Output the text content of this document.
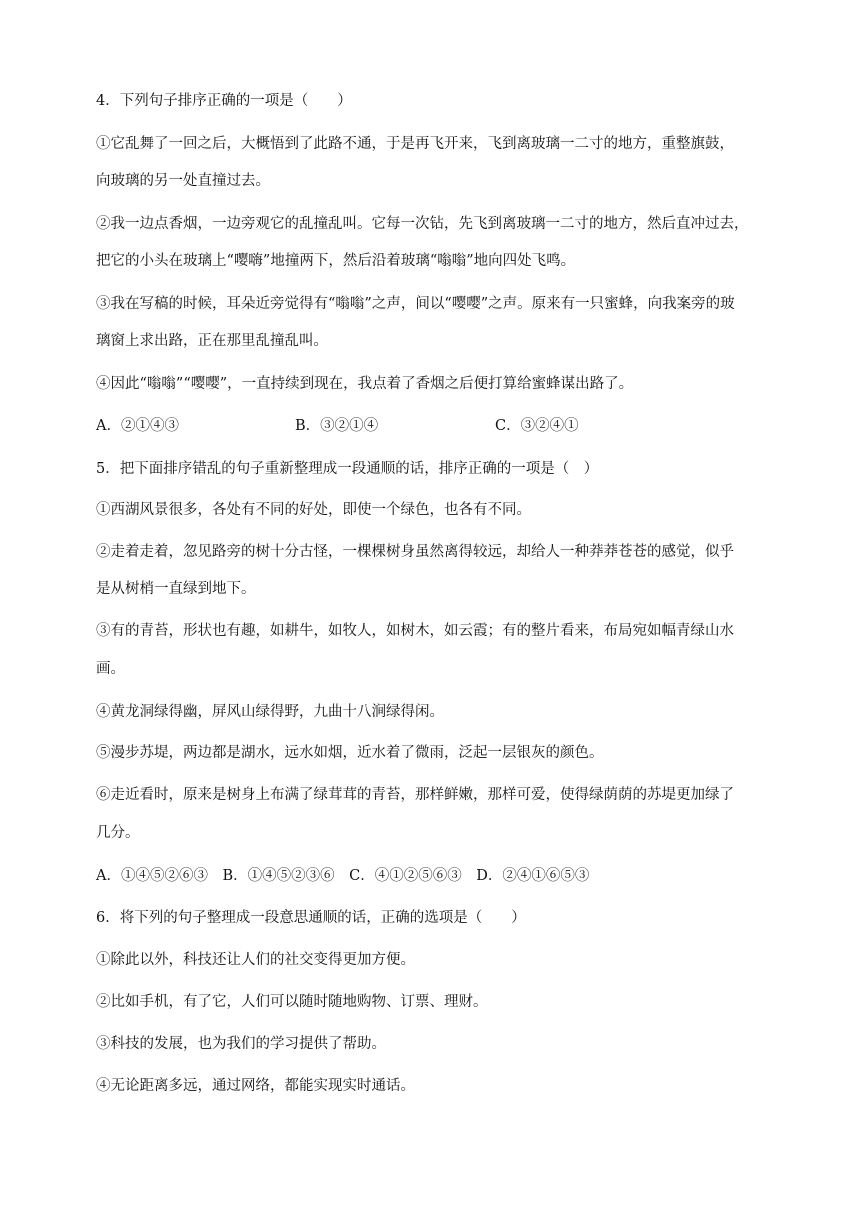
4．下列句子排序正确的一项是（　　）
①它乱舞了一回之后，大概悟到了此路不通，于是再飞开来，飞到离玻璃一二寸的地方，重整旗鼓，
向玻璃的另一处直撞过去。
②我一边点香烟，一边旁观它的乱撞乱叫。它每一次钻，先飞到离玻璃一二寸的地方，然后直冲过去，
把它的小头在玻璃上“嘤嗨”地撞两下，然后沿着玻璃“嗡嗡”地向四处飞鸣。
③我在写稿的时候，耳朵近旁觉得有“嗡嗡”之声，间以“嘤嘤”之声。原来有一只蜜蜂，向我案旁的玻
璃窗上求出路，正在那里乱撞乱叫。
④因此“嗡嗡”“嘤嘤”，一直持续到现在，我点着了香烟之后便打算给蜜蜂谋出路了。
A．②①④③	B．③②①④	C．③②④①
5．把下面排序错乱的句子重新整理成一段通顺的话，排序正确的一项是（　）
①西湖风景很多，各处有不同的好处，即使一个绿色，也各有不同。
②走着走着，忽见路旁的树十分古怪，一棵棵树身虽然离得较远，却给人一种莽莽苍苍的感觉，似乎
是从树梢一直绿到地下。
③有的青苔，形状也有趣，如耕牛，如牧人，如树木，如云霞；有的整片看来，布局宛如幅青绿山水
画。
④黄龙洞绿得幽，屏风山绿得野，九曲十八涧绿得闲。
⑤漫步苏堤，两边都是湖水，远水如烟，近水着了微雨，泛起一层银灰的颜色。
⑥走近看时，原来是树身上布满了绿茸茸的青苔，那样鲜嫩，那样可爱，使得绿荫荫的苏堤更加绿了
几分。
A．①④⑤②⑥③　B．①④⑤②③⑥　C．④①②⑤⑥③　D．②④①⑥⑤③
6．将下列的句子整理成一段意思通顺的话，正确的选项是（　　）
①除此以外，科技还让人们的社交变得更加方便。
②比如手机，有了它，人们可以随时随地购物、订票、理财。
③科技的发展，也为我们的学习提供了帮助。
④无论距离多远，通过网络，都能实现实时通话。
